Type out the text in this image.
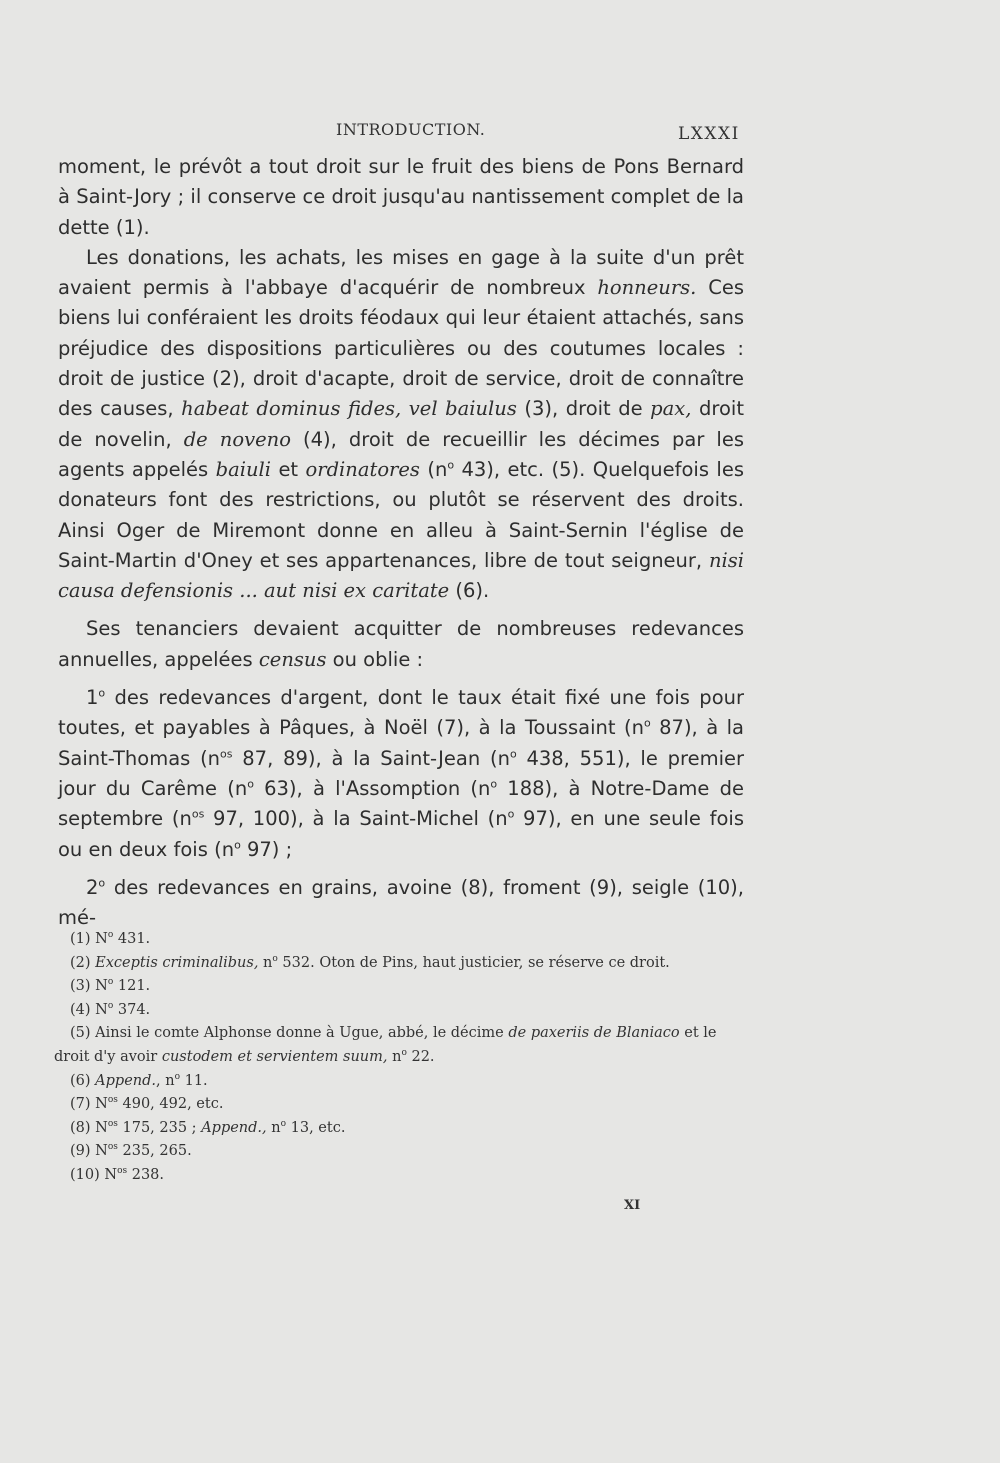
INTRODUCTION.	LXXXI

moment, le prévôt a tout droit sur le fruit des biens de Pons Bernard à Saint-Jory ; il conserve ce droit jusqu'au nantissement complet de la dette (1).

Les donations, les achats, les mises en gage à la suite d'un prêt avaient permis à l'abbaye d'acquérir de nombreux honneurs. Ces biens lui conféraient les droits féodaux qui leur étaient attachés, sans préjudice des dispositions particulières ou des coutumes locales : droit de justice (2), droit d'acapte, droit de service, droit de connaître des causes, habeat dominus fides, vel baiulus (3), droit de pax, droit de novelin, de noveno (4), droit de recueillir les décimes par les agents appelés baiuli et ordinatores ($n^o$ 43), etc. (5). Quelquefois les donateurs font des restrictions, ou plutôt se réservent des droits. Ainsi Oger de Miremont donne en alleu à Saint-Sernin l'église de Saint-Martin d'Oney et ses appartenances, libre de tout seigneur, nisi causa defensionis ... aut nisi ex caritate (6).

Ses tenanciers devaient acquitter de nombreuses redevances annuelles, appelées census ou oblie :

1$^o$ des redevances d'argent, dont le taux était fixé une fois pour toutes, et payables à Pâques, à Noël (7), à la Toussaint ($n^o$ 87), à la Saint-Thomas ($n^{os}$ 87, 89), à la Saint-Jean ($n^o$ 438, 551), le premier jour du Carême ($n^o$ 63), à l'Assomption ($n^o$ 188), à Notre-Dame de septembre ($n^{os}$ 97, 100), à la Saint-Michel ($n^o$ 97), en une seule fois ou en deux fois ($n^o$ 97) ;

2$^o$ des redevances en grains, avoine (8), froment (9), seigle (10), mé-

(1) $N^o$ 431.

(2) Exceptis criminalibus, $n^o$ 532. Oton de Pins, haut justicier, se réserve ce droit.

(3) $N^o$ 121.

(4) $N^o$ 374.

(5) Ainsi le comte Alphonse donne à Ugue, abbé, le décime de paxeriis de Blaniaco et le droit d'y avoir custodem et servientem suum, $n^o$ 22.

(6) Append., $n^o$ 11.

(7) $N^{os}$ 490, 492, etc.

(8) $N^{os}$ 175, 235 ; Append., $n^o$ 13, etc.

(9) $N^{os}$ 235, 265.

(10) $N^{os}$ 238.

XI
